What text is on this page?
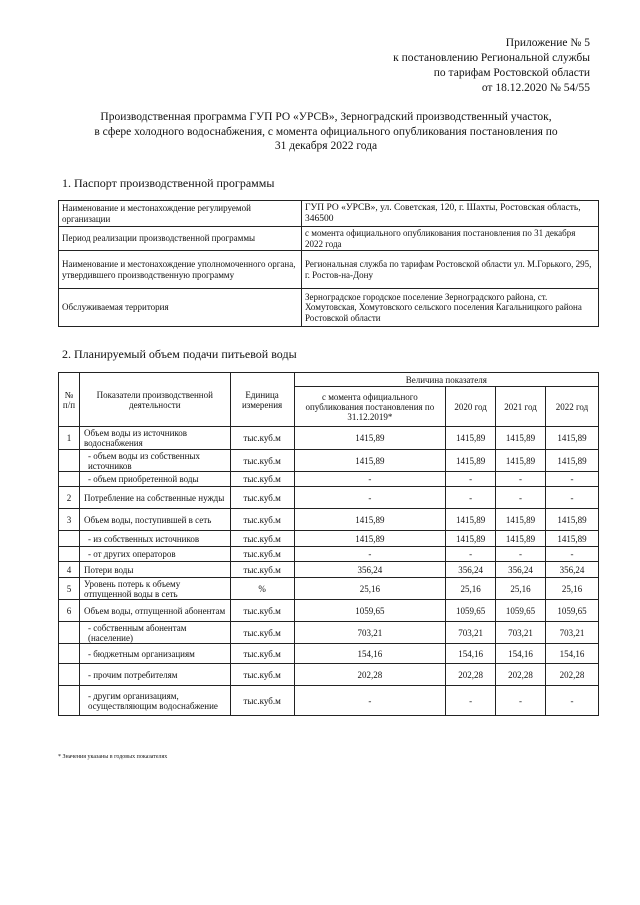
Приложение № 5
к постановлению Региональной службы
по тарифам Ростовской области
от 18.12.2020 № 54/55
Производственная программа ГУП РО «УРСВ», Зерноградский производственный участок,
в сфере холодного водоснабжения, с момента официального опубликования постановления по
31 декабря 2022 года
1. Паспорт производственной программы
Наименование и местонахождение регулируемой организации	ГУП РО «УРСВ», ул. Советская, 120, г. Шахты, Ростовская область, 346500
Период реализации производственной программы	с момента официального опубликования постановления по 31 декабря 2022 года
Наименование и местонахождение уполномоченного органа, утвердившего производственную программу	Региональная служба по тарифам Ростовской области ул. М.Горького, 295, г. Ростов-на-Дону
Обслуживаемая территория	Зерноградское городское поселение Зерноградского района, ст. Хомутовская, Хомутовского сельского поселения Кагальницкого района Ростовской области
2. Планируемый объем подачи питьевой воды
№ п/п	Показатели производственной деятельности	Единица измерения	Величина показателя			
			с момента официального опубликования постановления по 31.12.2019*	2020 год	2021 год	2022 год
1	Объем воды из источников водоснабжения	тыс.куб.м	1415,89	1415,89	1415,89	1415,89
	- объем воды из собственных источников	тыс.куб.м	1415,89	1415,89	1415,89	1415,89
	- объем приобретенной воды	тыс.куб.м	-	-	-	-
2	Потребление на собственные нужды	тыс.куб.м	-	-	-	-
3	Объем воды, поступившей в сеть	тыс.куб.м	1415,89	1415,89	1415,89	1415,89
	- из собственных источников	тыс.куб.м	1415,89	1415,89	1415,89	1415,89
	- от других операторов	тыс.куб.м	-	-	-	-
4	Потери воды	тыс.куб.м	356,24	356,24	356,24	356,24
5	Уровень потерь к объему отпущенной воды в сеть	%	25,16	25,16	25,16	25,16
6	Объем воды, отпущенной абонентам	тыс.куб.м	1059,65	1059,65	1059,65	1059,65
	- собственным абонентам (население)	тыс.куб.м	703,21	703,21	703,21	703,21
	- бюджетным организациям	тыс.куб.м	154,16	154,16	154,16	154,16
	- прочим потребителям	тыс.куб.м	202,28	202,28	202,28	202,28
	- другим организациям, осуществляющим водоснабжение	тыс.куб.м	-	-	-	-
* Значения указаны в годовых показателях
